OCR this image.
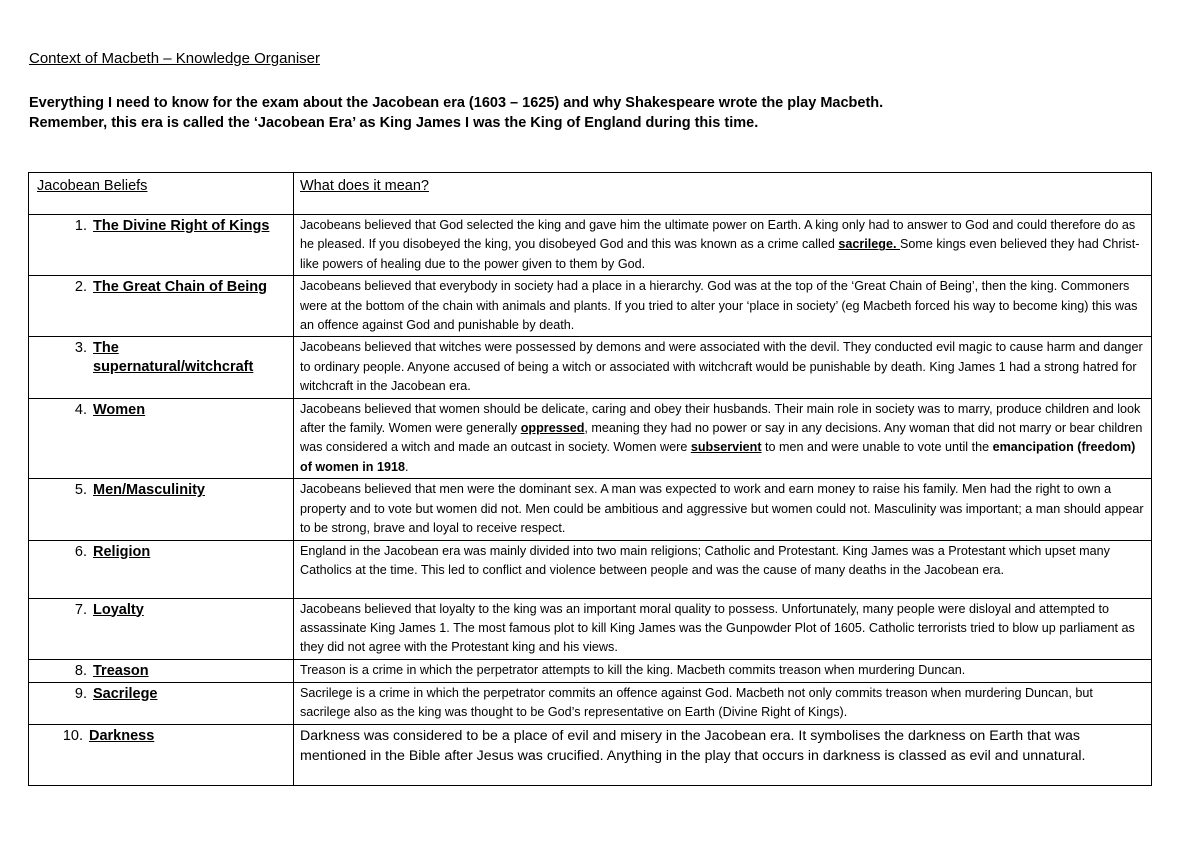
Context of Macbeth – Knowledge Organiser
Everything I need to know for the exam about the Jacobean era (1603 – 1625) and why Shakespeare wrote the play Macbeth.
Remember, this era is called the ‘Jacobean Era’ as King James I was the King of England during this time.
Jacobean Beliefs	What does it mean?

1. The Divine Right of Kings	Jacobeans believed that God selected the king and gave him the ultimate power on Earth. A king only had to answer to God and could therefore do as he pleased. If you disobeyed the king, you disobeyed God and this was known as a crime called sacrilege. Some kings even believed they had Christ-like powers of healing due to the power given to them by God.

2. The Great Chain of Being	Jacobeans believed that everybody in society had a place in a hierarchy. God was at the top of the ‘Great Chain of Being’, then the king. Commoners were at the bottom of the chain with animals and plants. If you tried to alter your ‘place in society’ (eg Macbeth forced his way to become king) this was an offence against God and punishable by death.

3. The supernatural/witchcraft	Jacobeans believed that witches were possessed by demons and were associated with the devil. They conducted evil magic to cause harm and danger to ordinary people. Anyone accused of being a witch or associated with witchcraft would be punishable by death. King James 1 had a strong hatred for witchcraft in the Jacobean era.

4. Women	Jacobeans believed that women should be delicate, caring and obey their husbands. Their main role in society was to marry, produce children and look after the family. Women were generally oppressed, meaning they had no power or say in any decisions. Any woman that did not marry or bear children was considered a witch and made an outcast in society. Women were subservient to men and were unable to vote until the emancipation (freedom) of women in 1918.

5. Men/Masculinity	Jacobeans believed that men were the dominant sex. A man was expected to work and earn money to raise his family. Men had the right to own a property and to vote but women did not. Men could be ambitious and aggressive but women could not. Masculinity was important; a man should appear to be strong, brave and loyal to receive respect.

6. Religion	England in the Jacobean era was mainly divided into two main religions; Catholic and Protestant. King James was a Protestant which upset many Catholics at the time. This led to conflict and violence between people and was the cause of many deaths in the Jacobean era.

7. Loyalty	Jacobeans believed that loyalty to the king was an important moral quality to possess. Unfortunately, many people were disloyal and attempted to assassinate King James 1. The most famous plot to kill King James was the Gunpowder Plot of 1605. Catholic terrorists tried to blow up parliament as they did not agree with the Protestant king and his views.

8. Treason	Treason is a crime in which the perpetrator attempts to kill the king. Macbeth commits treason when murdering Duncan.

9. Sacrilege	Sacrilege is a crime in which the perpetrator commits an offence against God. Macbeth not only commits treason when murdering Duncan, but sacrilege also as the king was thought to be God’s representative on Earth (Divine Right of Kings).

10. Darkness	Darkness was considered to be a place of evil and misery in the Jacobean era. It symbolises the darkness on Earth that was mentioned in the Bible after Jesus was crucified. Anything in the play that occurs in darkness is classed as evil and unnatural.
